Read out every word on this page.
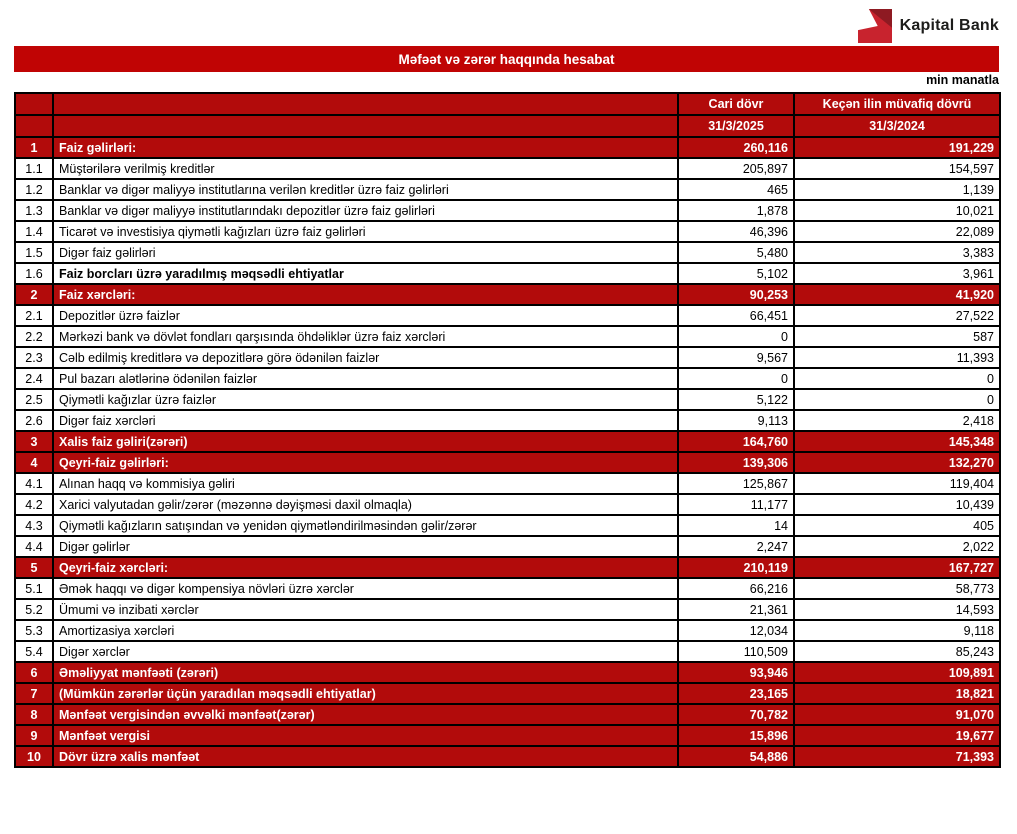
Kapital Bank
Məfəət və zərər haqqında hesabat
min manatla
		Cari dövr	Keçən ilin müvafiq dövrü
		31/3/2025	31/3/2024
1	Faiz gəlirləri:	260,116	191,229
1.1	Müştərilərə verilmiş kreditlər	205,897	154,597
1.2	Banklar və digər maliyyə institutlarına verilən kreditlər üzrə faiz gəlirləri	465	1,139
1.3	Banklar və digər maliyyə institutlarındakı depozitlər üzrə faiz gəlirləri	1,878	10,021
1.4	Ticarət və investisiya qiymətli kağızları üzrə faiz gəlirləri	46,396	22,089
1.5	Digər faiz gəlirləri	5,480	3,383
1.6	Faiz borcları üzrə yaradılmış məqsədli ehtiyatlar	5,102	3,961
2	Faiz xərcləri:	90,253	41,920
2.1	Depozitlər üzrə faizlər	66,451	27,522
2.2	Mərkəzi bank və dövlət fondları qarşısında öhdəliklər üzrə faiz xərcləri	0	587
2.3	Cəlb edilmiş kreditlərə və depozitlərə görə ödənilən faizlər	9,567	11,393
2.4	Pul bazarı alətlərinə ödənilən faizlər	0	0
2.5	Qiymətli kağızlar üzrə faizlər	5,122	0
2.6	Digər faiz xərcləri	9,113	2,418
3	Xalis faiz gəliri(zərəri)	164,760	145,348
4	Qeyri-faiz gəlirləri:	139,306	132,270
4.1	Alınan haqq və kommisiya gəliri	125,867	119,404
4.2	Xarici valyutadan gəlir/zərər (məzənnə dəyişməsi daxil olmaqla)	11,177	10,439
4.3	Qiymətli kağızların satışından və yenidən qiymətləndirilməsindən gəlir/zərər	14	405
4.4	Digər gəlirlər	2,247	2,022
5	Qeyri-faiz xərcləri:	210,119	167,727
5.1	Əmək haqqı və digər kompensiya növləri üzrə xərclər	66,216	58,773
5.2	Ümumi və inzibati xərclər	21,361	14,593
5.3	Amortizasiya xərcləri	12,034	9,118
5.4	Digər xərclər	110,509	85,243
6	Əməliyyat mənfəəti (zərəri)	93,946	109,891
7	(Mümkün zərərlər üçün yaradılan məqsədli ehtiyatlar)	23,165	18,821
8	Mənfəət vergisindən əvvəlki mənfəət(zərər)	70,782	91,070
9	Mənfəət vergisi	15,896	19,677
10	Dövr üzrə xalis mənfəət	54,886	71,393
